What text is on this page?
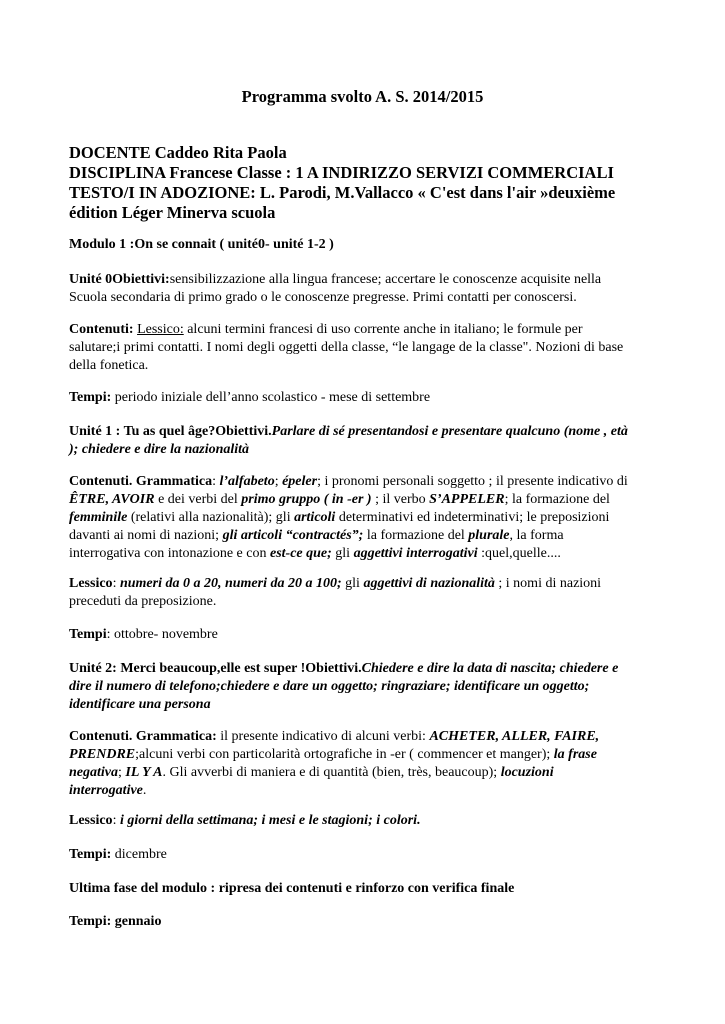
Programma svolto A. S. 2014/2015
DOCENTE Caddeo Rita Paola
DISCIPLINA Francese Classe : 1 A INDIRIZZO SERVIZI COMMERCIALI
TESTO/I IN ADOZIONE: L. Parodi, M.Vallacco « C'est dans l'air »deuxième
édition Léger Minerva scuola
Modulo 1 :On se connait ( unité0- unité 1-2 )
Unité 0Obiettivi:sensibilizzazione alla lingua francese; accertare le conoscenze acquisite nella
Scuola secondaria di primo grado o le conoscenze pregresse. Primi contatti per conoscersi.
Contenuti: Lessico: alcuni termini francesi di uso corrente anche in italiano; le formule per
salutare;i primi contatti. I nomi degli oggetti della classe, “le langage de la classe". Nozioni di base
della fonetica.
Tempi: periodo iniziale dell’anno scolastico - mese di settembre
Unité 1 : Tu as quel âge?Obiettivi.Parlare di sé presentandosi e presentare qualcuno (nome , età
); chiedere e dire la nazionalità
Contenuti. Grammatica: l’alfabeto; épeler; i pronomi personali soggetto ; il presente indicativo di
ÊTRE, AVOIR e dei verbi del primo gruppo ( in -er ) ; il verbo S’APPELER; la formazione del
femminile (relativi alla nazionalità); gli articoli determinativi ed indeterminativi; le preposizioni
davanti ai nomi di nazioni; gli articoli “contractés”; la formazione del plurale, la forma
interrogativa con intonazione e con est-ce que; gli aggettivi interrogativi :quel,quelle....
Lessico: numeri da 0 a 20, numeri da 20 a 100; gli aggettivi di nazionalità ; i nomi di nazioni
preceduti da preposizione.
Tempi: ottobre- novembre
Unité 2: Merci beaucoup,elle est super !Obiettivi.Chiedere e dire la data di nascita; chiedere e
dire il numero di telefono;chiedere e dare un oggetto; ringraziare; identificare un oggetto;
identificare una persona
Contenuti. Grammatica: il presente indicativo di alcuni verbi: ACHETER, ALLER, FAIRE,
PRENDRE;alcuni verbi con particolarità ortografiche in -er ( commencer et manger); la frase
negativa; IL Y A. Gli avverbi di maniera e di quantità (bien, très, beaucoup); locuzioni
interrogative.
Lessico: i giorni della settimana; i mesi e le stagioni; i colori.
Tempi: dicembre
Ultima fase del modulo : ripresa dei contenuti e rinforzo con verifica finale
Tempi: gennaio
